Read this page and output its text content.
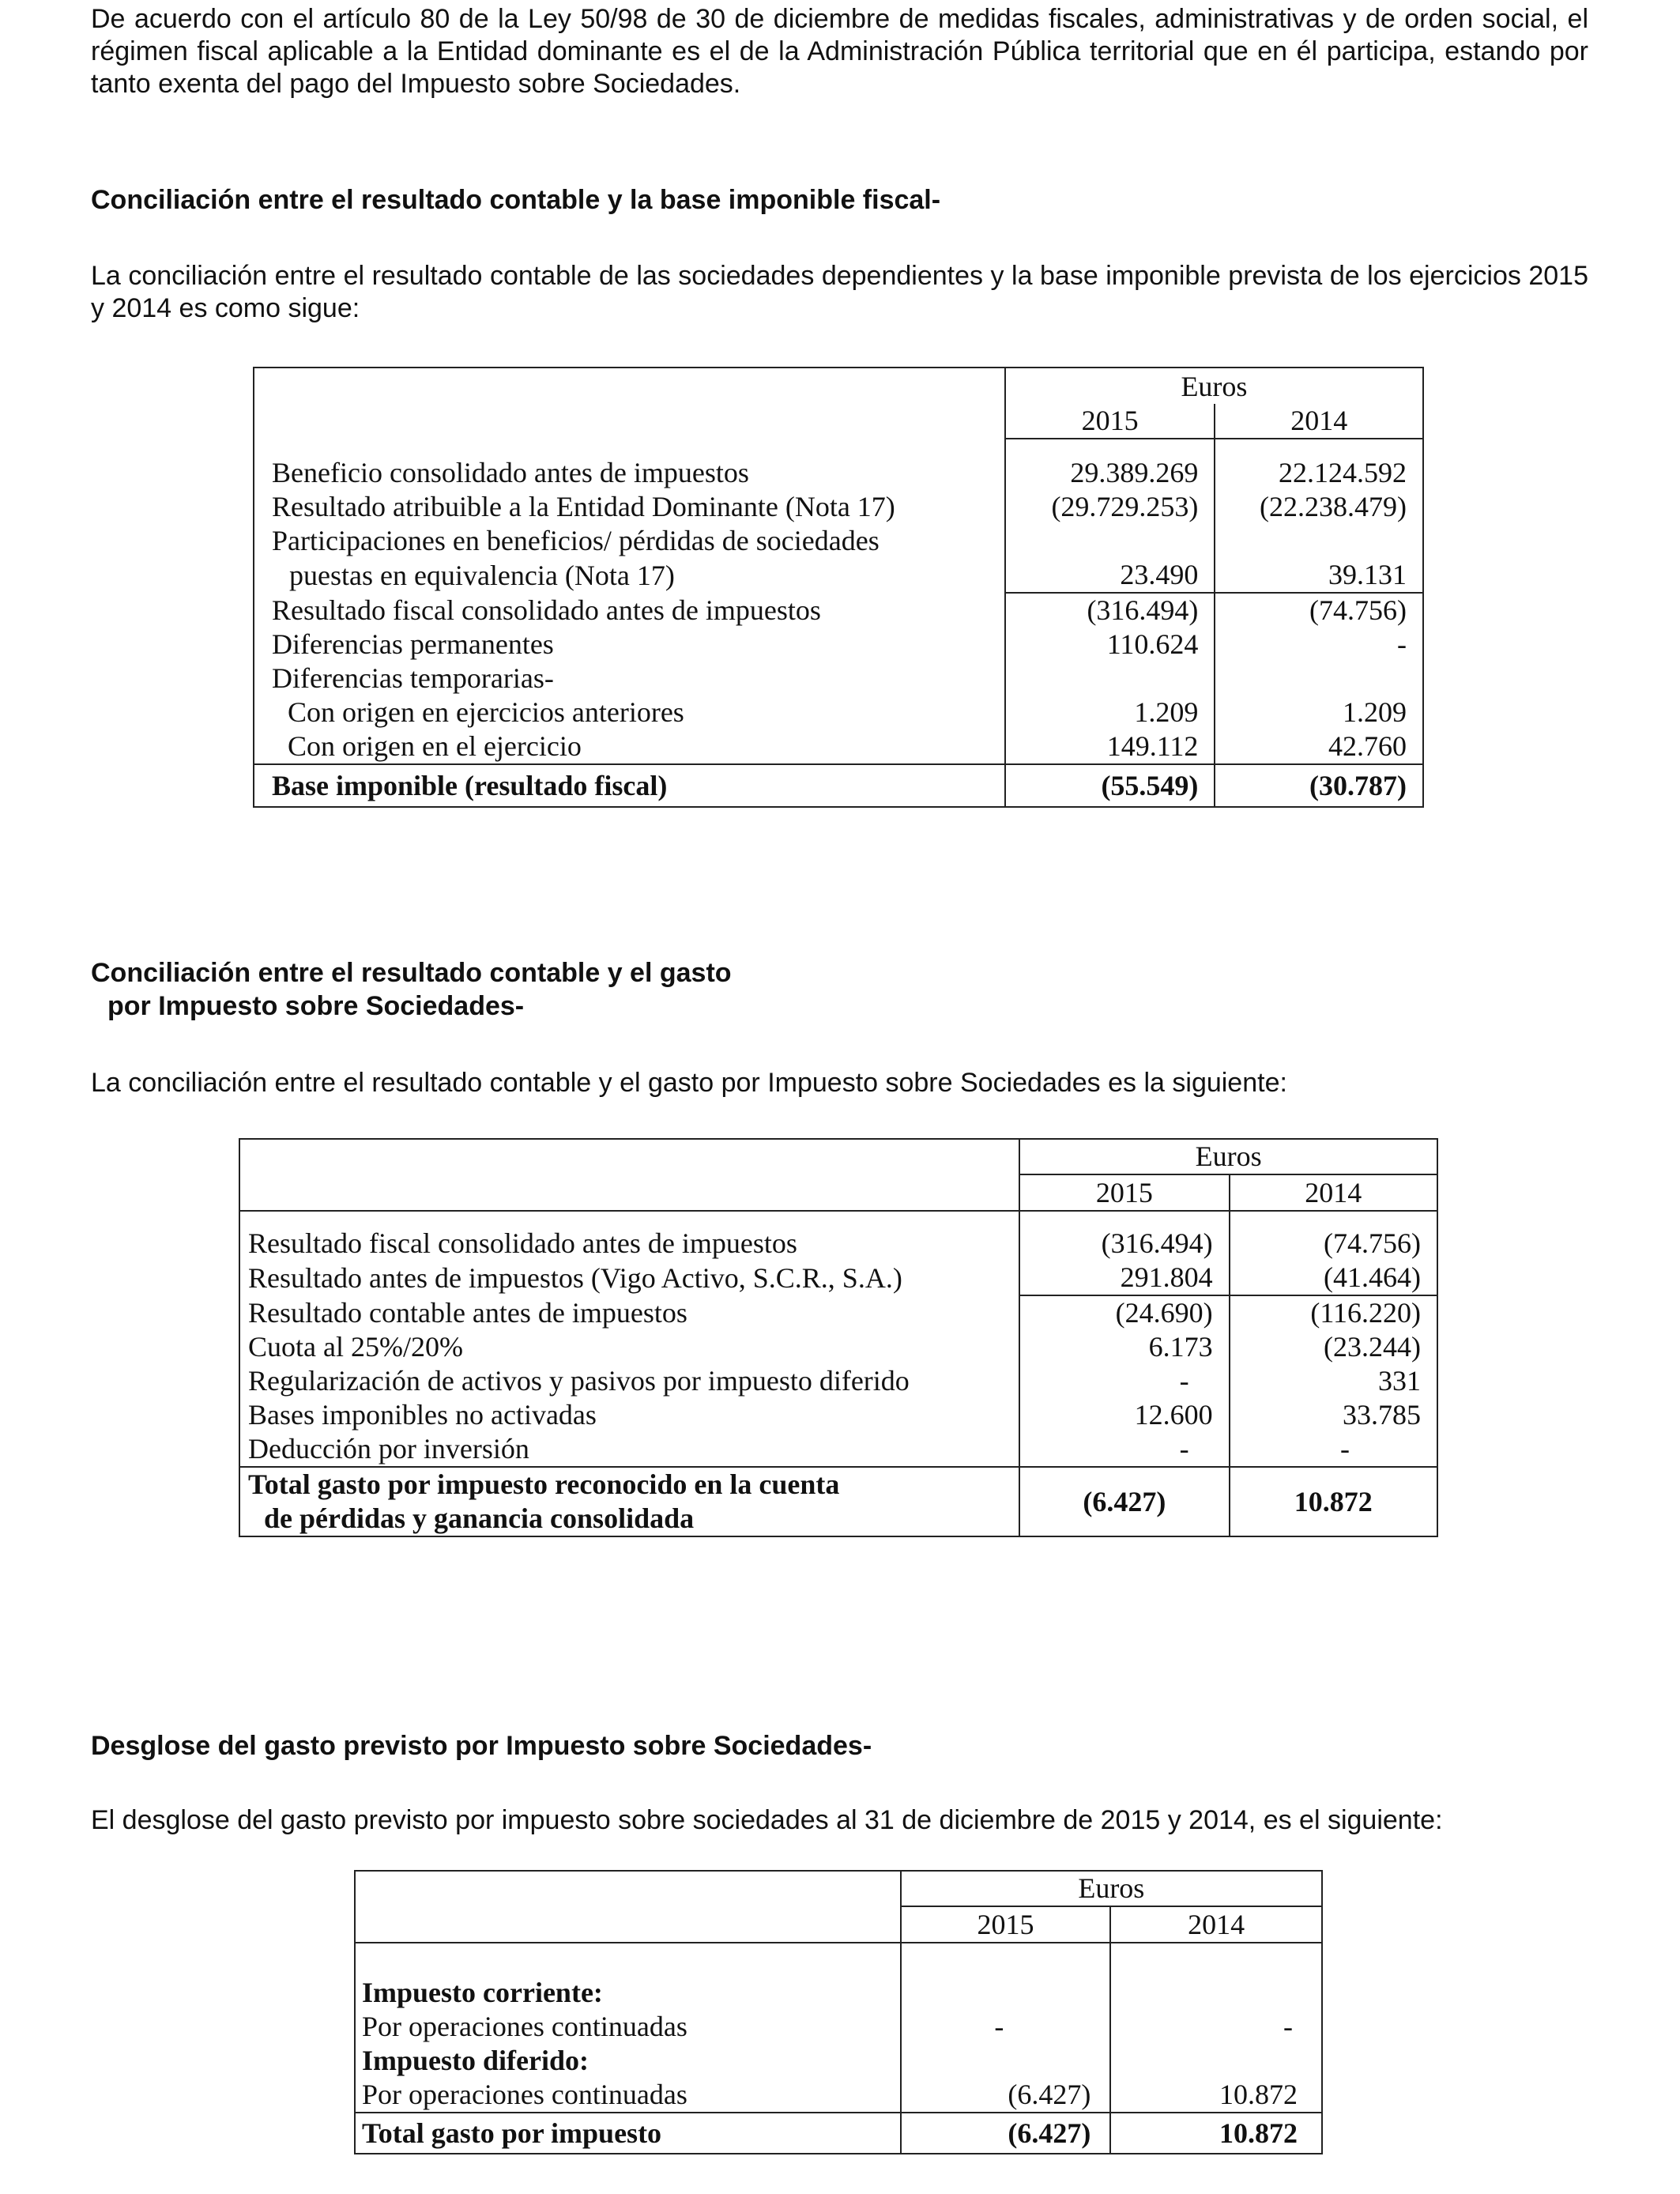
De acuerdo con el artículo 80 de la Ley 50/98 de 30 de diciembre de medidas fiscales, administrativas y de orden social, el régimen fiscal aplicable a la Entidad dominante es el de la Administración Pública territorial que en él participa, estando por tanto exenta del pago del Impuesto sobre Sociedades.

Conciliación entre el resultado contable y la base imponible fiscal-

La conciliación entre el resultado contable de las sociedades dependientes y la base imponible prevista de los ejercicios 2015 y 2014 es como sigue:

	Euros	
	2015	2014

Beneficio consolidado antes de impuestos	29.389.269	22.124.592
Resultado atribuible a la Entidad Dominante (Nota 17)	(29.729.253)	(22.238.479)
Participaciones en beneficios/ pérdidas de sociedades		
puestas en equivalencia (Nota 17)	23.490	39.131
Resultado fiscal consolidado antes de impuestos	(316.494)	(74.756)
Diferencias permanentes	110.624	-
Diferencias temporarias-		
Con origen en ejercicios anteriores	1.209	1.209
Con origen en el ejercicio	149.112	42.760
Base imponible (resultado fiscal)	(55.549)	(30.787)

Conciliación entre el resultado contable y el gasto

por Impuesto sobre Sociedades-

La conciliación entre el resultado contable y el gasto por Impuesto sobre Sociedades es la siguiente:

	Euros	
	2015	2014

Resultado fiscal consolidado antes de impuestos	(316.494)	(74.756)
Resultado antes de impuestos (Vigo Activo, S.C.R., S.A.)	291.804	(41.464)
Resultado contable antes de impuestos	(24.690)	(116.220)
Cuota al 25%/20%	6.173	(23.244)
Regularización de activos y pasivos por impuesto diferido	-	331
Bases imponibles no activadas	12.600	33.785
Deducción por inversión	-	-

Total gasto por impuesto reconocido en la cuenta
de pérdidas y ganancia consolidada	(6.427)	10.872

Desglose del gasto previsto por Impuesto sobre Sociedades-

El desglose del gasto previsto por impuesto sobre sociedades al 31 de diciembre de 2015 y 2014, es el siguiente:

	Euros	
	2015	2014

Impuesto corriente:		
Por operaciones continuadas	-	-
Impuesto diferido:		
Por operaciones continuadas	(6.427)	10.872
Total gasto por impuesto	(6.427)	10.872
